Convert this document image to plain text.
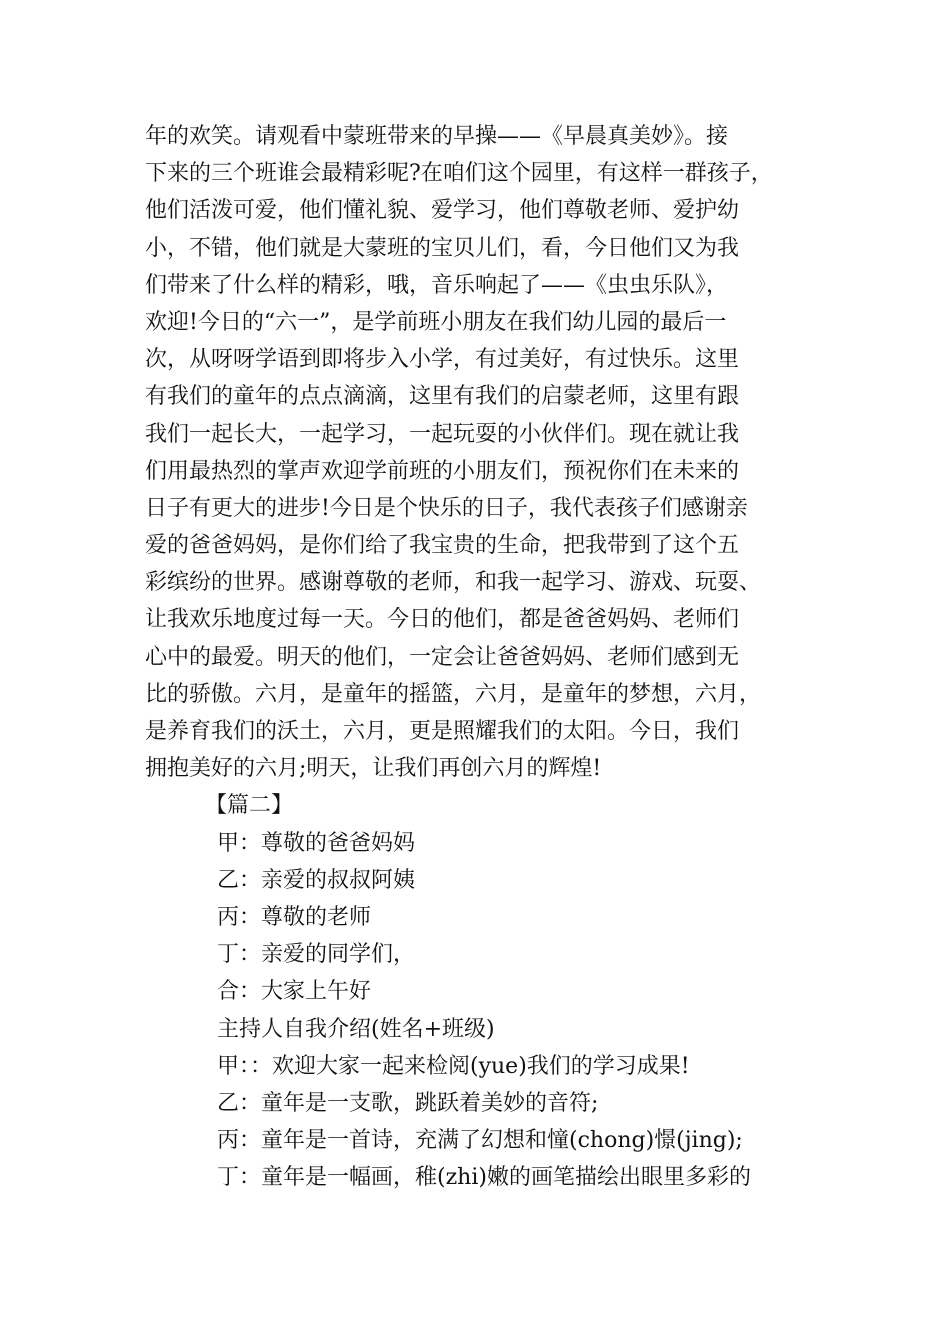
年的欢笑。请观看中蒙班带来的早操——《早晨真美妙》。接
下来的三个班谁会最精彩呢?在咱们这个园里，有这样一群孩子，
他们活泼可爱，他们懂礼貌、爱学习，他们尊敬老师、爱护幼
小，不错，他们就是大蒙班的宝贝儿们，看，今日他们又为我
们带来了什么样的精彩，哦，音乐响起了——《虫虫乐队》，
欢迎!今日的“六一”，是学前班小朋友在我们幼儿园的最后一
次，从呀呀学语到即将步入小学，有过美好，有过快乐。这里
有我们的童年的点点滴滴，这里有我们的启蒙老师，这里有跟
我们一起长大，一起学习，一起玩耍的小伙伴们。现在就让我
们用最热烈的掌声欢迎学前班的小朋友们，预祝你们在未来的
日子有更大的进步!今日是个快乐的日子，我代表孩子们感谢亲
爱的爸爸妈妈，是你们给了我宝贵的生命，把我带到了这个五
彩缤纷的世界。感谢尊敬的老师，和我一起学习、游戏、玩耍、
让我欢乐地度过每一天。今日的他们，都是爸爸妈妈、老师们
心中的最爱。明天的他们，一定会让爸爸妈妈、老师们感到无
比的骄傲。六月，是童年的摇篮，六月，是童年的梦想，六月，
是养育我们的沃土，六月，更是照耀我们的太阳。今日，我们
拥抱美好的六月;明天，让我们再创六月的辉煌!
【篇二】
甲：尊敬的爸爸妈妈
乙：亲爱的叔叔阿姨
丙：尊敬的老师
丁：亲爱的同学们，
合：大家上午好
主持人自我介绍(姓名+班级)
甲：：欢迎大家一起来检阅(yue)我们的学习成果!
乙：童年是一支歌，跳跃着美妙的音符;
丙：童年是一首诗，充满了幻想和憧(chong)憬(jing);
丁：童年是一幅画，稚(zhi)嫩的画笔描绘出眼里多彩的
